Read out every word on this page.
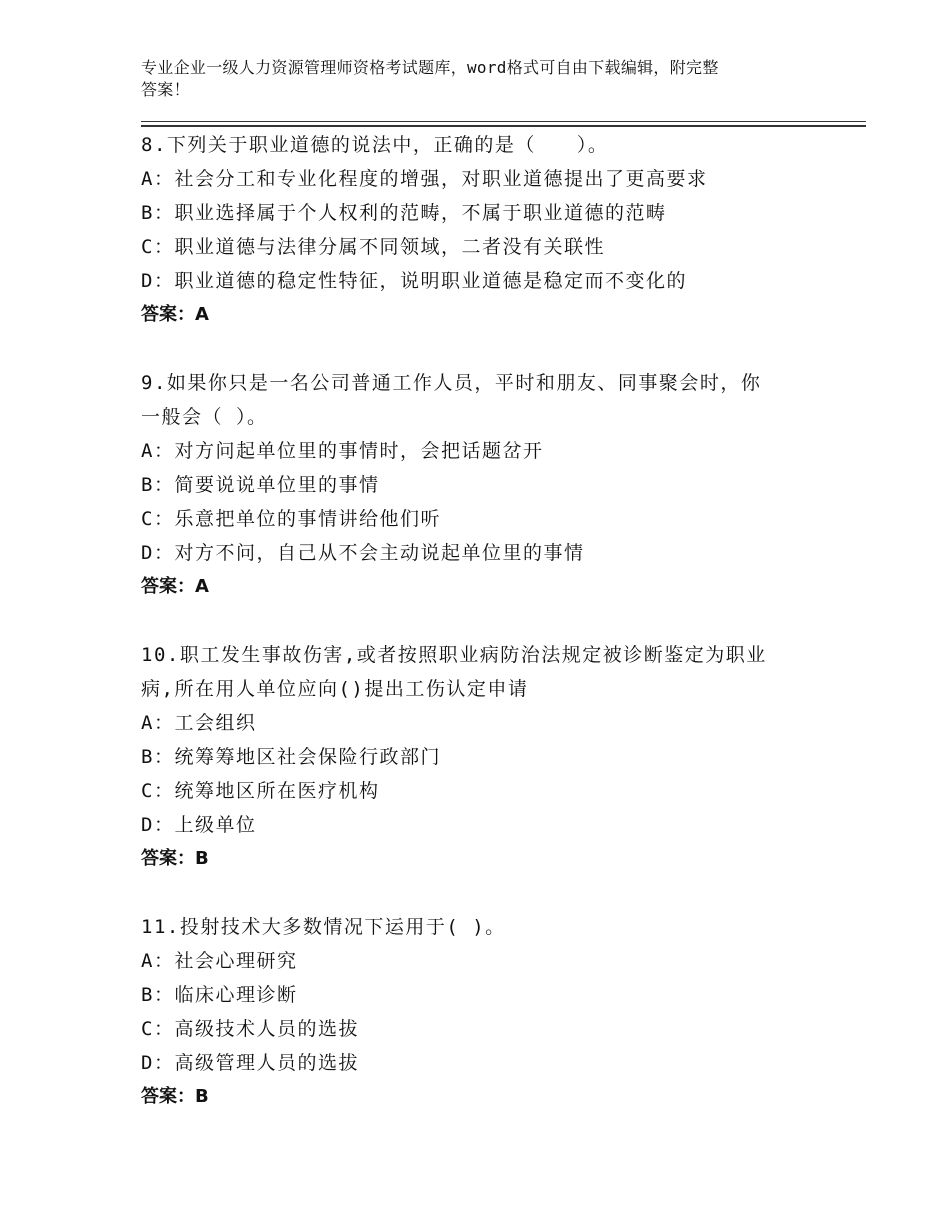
专业企业一级人力资源管理师资格考试题库，word格式可自由下载编辑，附完整
答案！

8.下列关于职业道德的说法中，正确的是（　　）。

A：社会分工和专业化程度的增强，对职业道德提出了更高要求

B：职业选择属于个人权利的范畴，不属于职业道德的范畴

C：职业道德与法律分属不同领域，二者没有关联性

D：职业道德的稳定性特征，说明职业道德是稳定而不变化的

答案：A

9.如果你只是一名公司普通工作人员，平时和朋友、同事聚会时，你

一般会（ ）。

A：对方问起单位里的事情时，会把话题岔开

B：简要说说单位里的事情

C：乐意把单位的事情讲给他们听

D：对方不问，自己从不会主动说起单位里的事情

答案：A

10.职工发生事故伤害,或者按照职业病防治法规定被诊断鉴定为职业

病,所在用人单位应向()提出工伤认定申请

A：工会组织

B：统筹筹地区社会保险行政部门

C：统筹地区所在医疗机构

D：上级单位

答案：B

11.投射技术大多数情况下运用于( )。

A：社会心理研究

B：临床心理诊断

C：高级技术人员的选拔

D：高级管理人员的选拔

答案：B
